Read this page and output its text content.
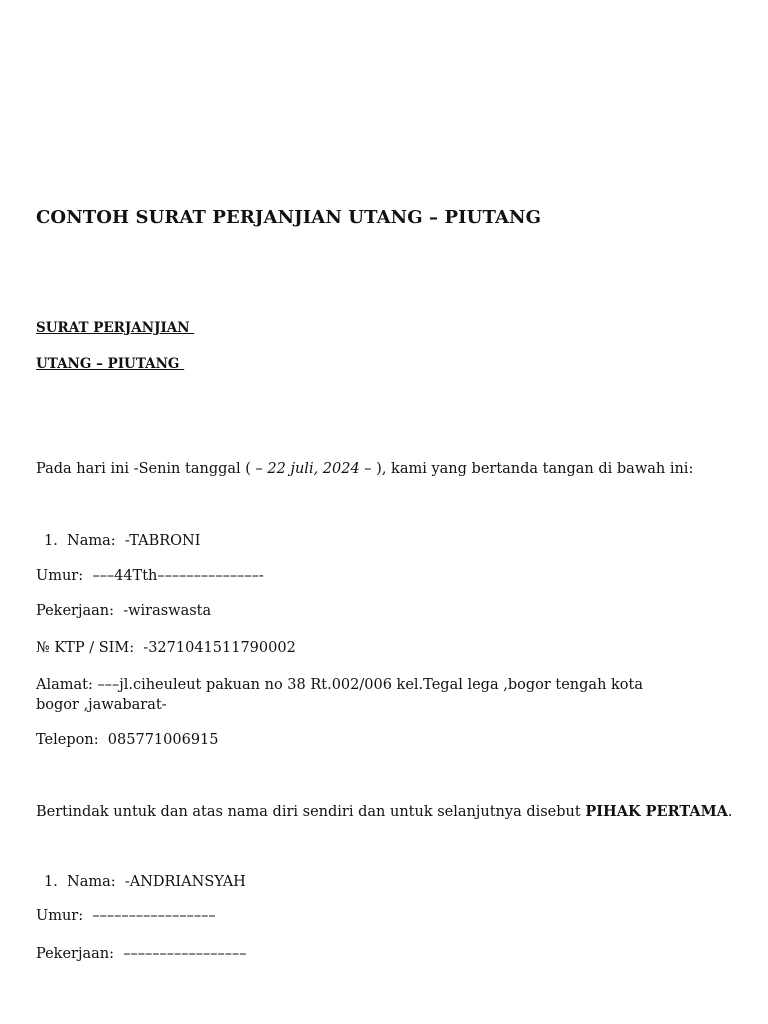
CONTOH SURAT PERJANJIAN UTANG – PIUTANG

SURAT PERJANJIAN

UTANG – PIUTANG

Pada hari ini -Senin tanggal ( – 22 juli, 2024 – ), kami yang bertanda tangan di bawah ini:

1. Nama:  -TABRONI

Umur:  –––44Tth––––––––––––––-

Pekerjaan:  -wiraswasta

№ KTP / SIM:  -3271041511790002

Alamat: –––jl.ciheuleut pakuan no 38 Rt.002/006 kel.Tegal lega ,bogor tengah kota bogor ,jawabarat-

Telepon:  085771006915

Bertindak untuk dan atas nama diri sendiri dan untuk selanjutnya disebut PIHAK PERTAMA.

1. Nama:  -ANDRIANSYAH

Umur:  –––––––––––––––––

Pekerjaan:  –––––––––––––––––
